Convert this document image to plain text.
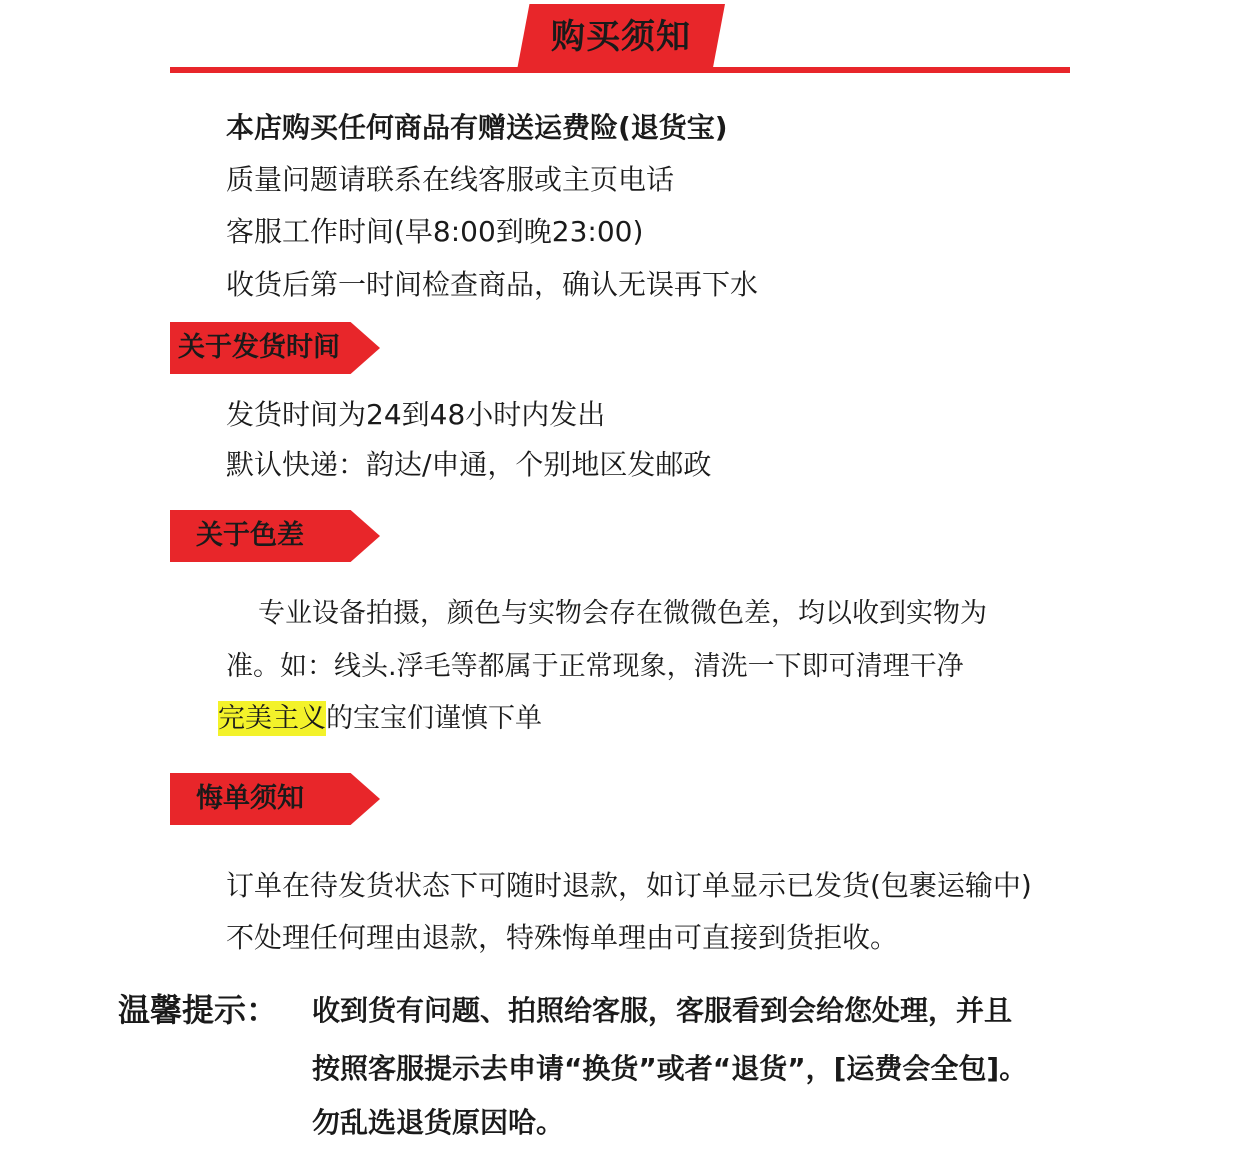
购买须知
本店购买任何商品有赠送运费险(退货宝)
质量问题请联系在线客服或主页电话
客服工作时间(早8:00到晚23:00)
收货后第一时间检查商品，确认无误再下水
关于发货时间
发货时间为24到48小时内发出
默认快递：韵达/申通，个别地区发邮政
关于色差
专业设备拍摄，颜色与实物会存在微微色差，均以收到实物为
准。如：线头.浮毛等都属于正常现象，清洗一下即可清理干净
完美主义的宝宝们谨慎下单
悔单须知
订单在待发货状态下可随时退款，如订单显示已发货(包裹运输中)
不处理任何理由退款，特殊悔单理由可直接到货拒收。
温馨提示： 收到货有问题、拍照给客服，客服看到会给您处理，并且
按照客服提示去申请“换货”或者“退货”，[运费会全包]。
勿乱选退货原因哈。
